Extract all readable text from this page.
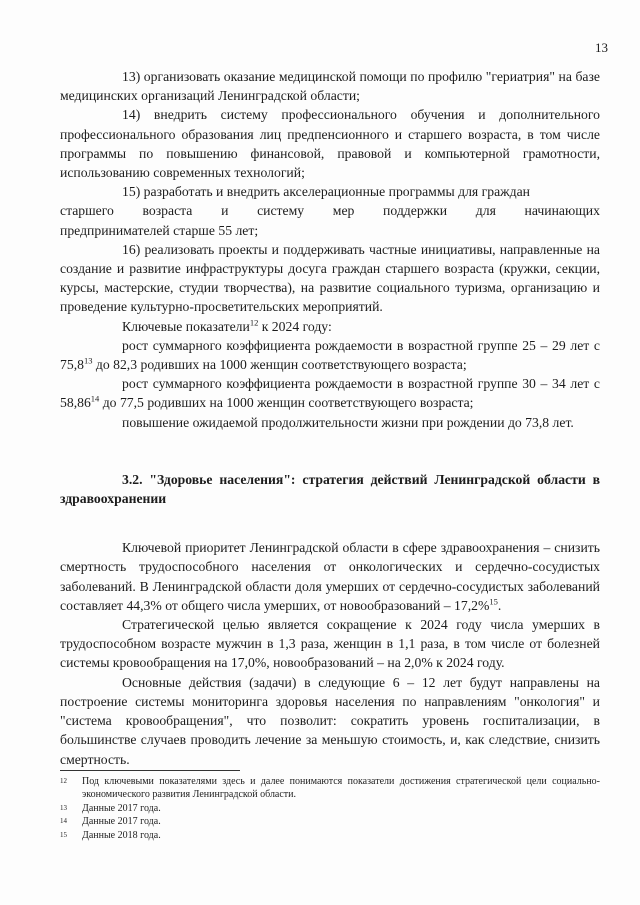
13

13) организовать оказание медицинской помощи по профилю "гериатрия" на базе медицинских организаций Ленинградской области;

14) внедрить систему профессионального обучения и дополнительного профессионального образования лиц предпенсионного и старшего возраста, в том числе программы по повышению финансовой, правовой и компьютерной грамотности, использованию современных технологий;

15) разработать и внедрить акселерационные программы для граждан

старшего возраста и систему мер поддержки для начинающих

предпринимателей старше 55 лет;

16) реализовать проекты и поддерживать частные инициативы, направленные на создание и развитие инфраструктуры досуга граждан старшего возраста (кружки, секции, курсы, мастерские, студии творчества), на развитие социального туризма, организацию и проведение культурно-просветительских мероприятий.

Ключевые показатели$^{12}$ к 2024 году:

рост суммарного коэффициента рождаемости в возрастной группе 25 – 29 лет с 75,8$^{13}$ до 82,3 родивших на 1000 женщин соответствующего возраста;

рост суммарного коэффициента рождаемости в возрастной группе 30 – 34 лет с 58,86$^{14}$ до 77,5 родивших на 1000 женщин соответствующего возраста;

повышение ожидаемой продолжительности жизни при рождении до 73,8 лет.

3.2. "Здоровье населения": стратегия действий Ленинградской области в здравоохранении

Ключевой приоритет Ленинградской области в сфере здравоохранения – снизить смертность трудоспособного населения от онкологических и сердечно-сосудистых заболеваний. В Ленинградской области доля умерших от сердечно-сосудистых заболеваний составляет 44,3% от общего числа умерших, от новообразований – 17,2%$^{15}$.

Стратегической целью является сокращение к 2024 году числа умерших в трудоспособном возрасте мужчин в 1,3 раза, женщин в 1,1 раза, в том числе от болезней системы кровообращения на 17,0%, новообразований – на 2,0% к 2024 году.

Основные действия (задачи) в следующие 6 – 12 лет будут направлены на построение системы мониторинга здоровья населения по направлениям "онкология" и "система кровообращения", что позволит: сократить уровень госпитализации, в большинстве случаев проводить лечение за меньшую стоимость, и, как следствие, снизить смертность.

12	Под ключевыми показателями здесь и далее понимаются показатели достижения стратегической цели социально-экономического развития Ленинградской области.
13	Данные 2017 года.
14	Данные 2017 года.
15	Данные 2018 года.
